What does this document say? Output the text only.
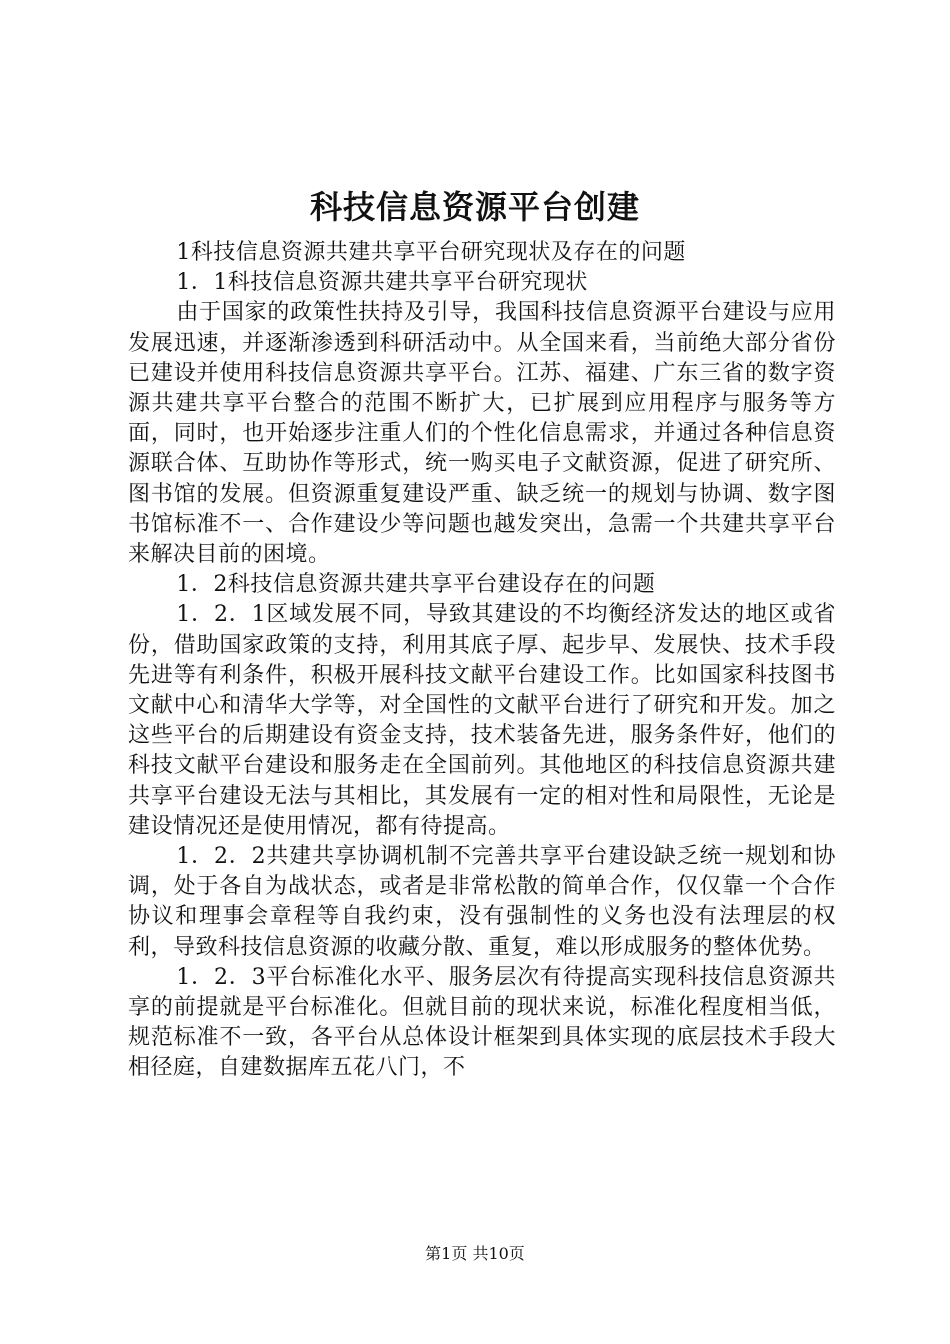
科技信息资源平台创建

1科技信息资源共建共享平台研究现状及存在的问题

1．1科技信息资源共建共享平台研究现状

由于国家的政策性扶持及引导，我国科技信息资源平台建设与应用发展迅速，并逐渐渗透到科研活动中。从全国来看，当前绝大部分省份已建设并使用科技信息资源共享平台。江苏、福建、广东三省的数字资源共建共享平台整合的范围不断扩大，已扩展到应用程序与服务等方面，同时，也开始逐步注重人们的个性化信息需求，并通过各种信息资源联合体、互助协作等形式，统一购买电子文献资源，促进了研究所、图书馆的发展。但资源重复建设严重、缺乏统一的规划与协调、数字图书馆标准不一、合作建设少等问题也越发突出，急需一个共建共享平台来解决目前的困境。

1．2科技信息资源共建共享平台建设存在的问题

1．2．1区域发展不同，导致其建设的不均衡经济发达的地区或省份，借助国家政策的支持，利用其底子厚、起步早、发展快、技术手段先进等有利条件，积极开展科技文献平台建设工作。比如国家科技图书文献中心和清华大学等，对全国性的文献平台进行了研究和开发。加之这些平台的后期建设有资金支持，技术装备先进，服务条件好，他们的科技文献平台建设和服务走在全国前列。其他地区的科技信息资源共建共享平台建设无法与其相比，其发展有一定的相对性和局限性，无论是建设情况还是使用情况，都有待提高。

1．2．2共建共享协调机制不完善共享平台建设缺乏统一规划和协调，处于各自为战状态，或者是非常松散的简单合作，仅仅靠一个合作协议和理事会章程等自我约束，没有强制性的义务也没有法理层的权利，导致科技信息资源的收藏分散、重复，难以形成服务的整体优势。

1．2．3平台标准化水平、服务层次有待提高实现科技信息资源共享的前提就是平台标准化。但就目前的现状来说，标准化程度相当低，规范标准不一致，各平台从总体设计框架到具体实现的底层技术手段大相径庭，自建数据库五花八门，不

第1页 共10页
